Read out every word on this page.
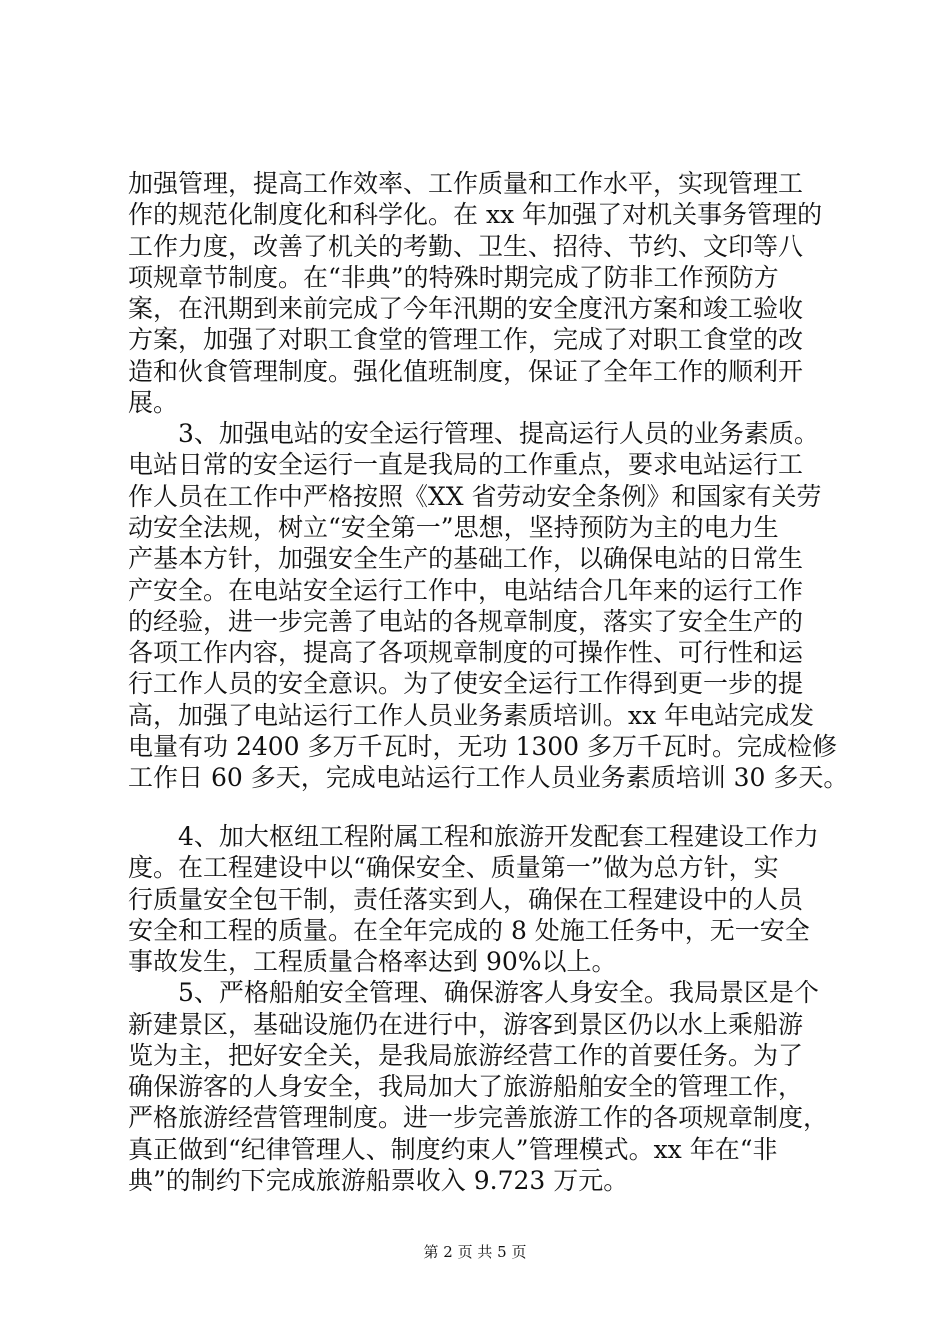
加强管理，提高工作效率、工作质量和工作水平，实现管理工
作的规范化制度化和科学化。在 xx 年加强了对机关事务管理的
工作力度，改善了机关的考勤、卫生、招待、节约、文印等八
项规章节制度。在“非典”的特殊时期完成了防非工作预防方
案，在汛期到来前完成了今年汛期的安全度汛方案和竣工验收
方案，加强了对职工食堂的管理工作，完成了对职工食堂的改
造和伙食管理制度。强化值班制度，保证了全年工作的顺利开
展。
　　3、加强电站的安全运行管理、提高运行人员的业务素质。
电站日常的安全运行一直是我局的工作重点，要求电站运行工
作人员在工作中严格按照《XX 省劳动安全条例》和国家有关劳
动安全法规，树立“安全第一”思想，坚持预防为主的电力生
产基本方针，加强安全生产的基础工作，以确保电站的日常生
产安全。在电站安全运行工作中，电站结合几年来的运行工作
的经验，进一步完善了电站的各规章制度，落实了安全生产的
各项工作内容，提高了各项规章制度的可操作性、可行性和运
行工作人员的安全意识。为了使安全运行工作得到更一步的提
高，加强了电站运行工作人员业务素质培训。xx 年电站完成发
电量有功 2400 多万千瓦时，无功 1300 多万千瓦时。完成检修
工作日 60 多天，完成电站运行工作人员业务素质培训 30 多天。
　　4、加大枢纽工程附属工程和旅游开发配套工程建设工作力
度。在工程建设中以“确保安全、质量第一”做为总方针，实
行质量安全包干制，责任落实到人，确保在工程建设中的人员
安全和工程的质量。在全年完成的 8 处施工任务中，无一安全
事故发生，工程质量合格率达到 90%以上。
　　5、严格船舶安全管理、确保游客人身安全。我局景区是个
新建景区，基础设施仍在进行中，游客到景区仍以水上乘船游
览为主，把好安全关，是我局旅游经营工作的首要任务。为了
确保游客的人身安全，我局加大了旅游船舶安全的管理工作，
严格旅游经营管理制度。进一步完善旅游工作的各项规章制度，
真正做到“纪律管理人、制度约束人”管理模式。xx 年在“非
典”的制约下完成旅游船票收入 9.723 万元。
第 2 页 共 5 页
